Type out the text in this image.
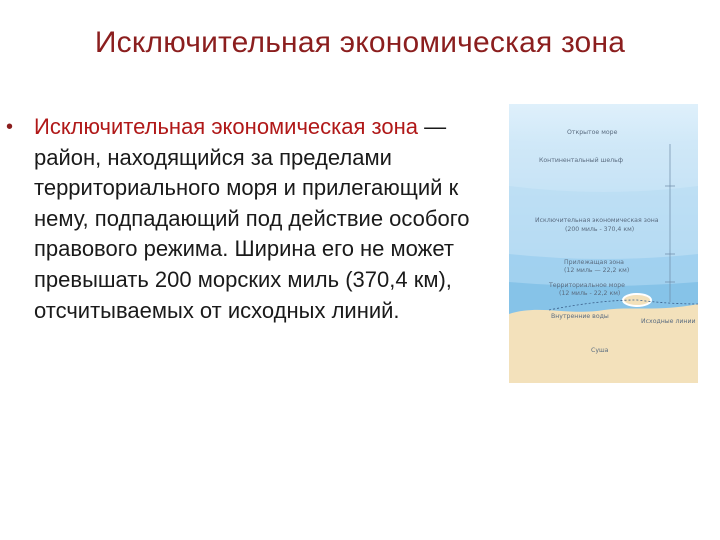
Исключительная экономическая зона
• Исключительная экономическая зона — район, находящийся за пределами территориального моря и прилегающий к нему, подпадающий под действие особого правового режима. Ширина его не может превышать 200 морских миль (370,4 км), отсчитываемых от исходных линий.
Открытое море
Континентальный шельф
Исключительная экономическая зона
(200 миль - 370,4 км)
Прилежащая зона
(12 миль — 22,2 км)
Территориальное море
(12 миль - 22,2 км)
Внутренние воды
Исходные линии
Суша
